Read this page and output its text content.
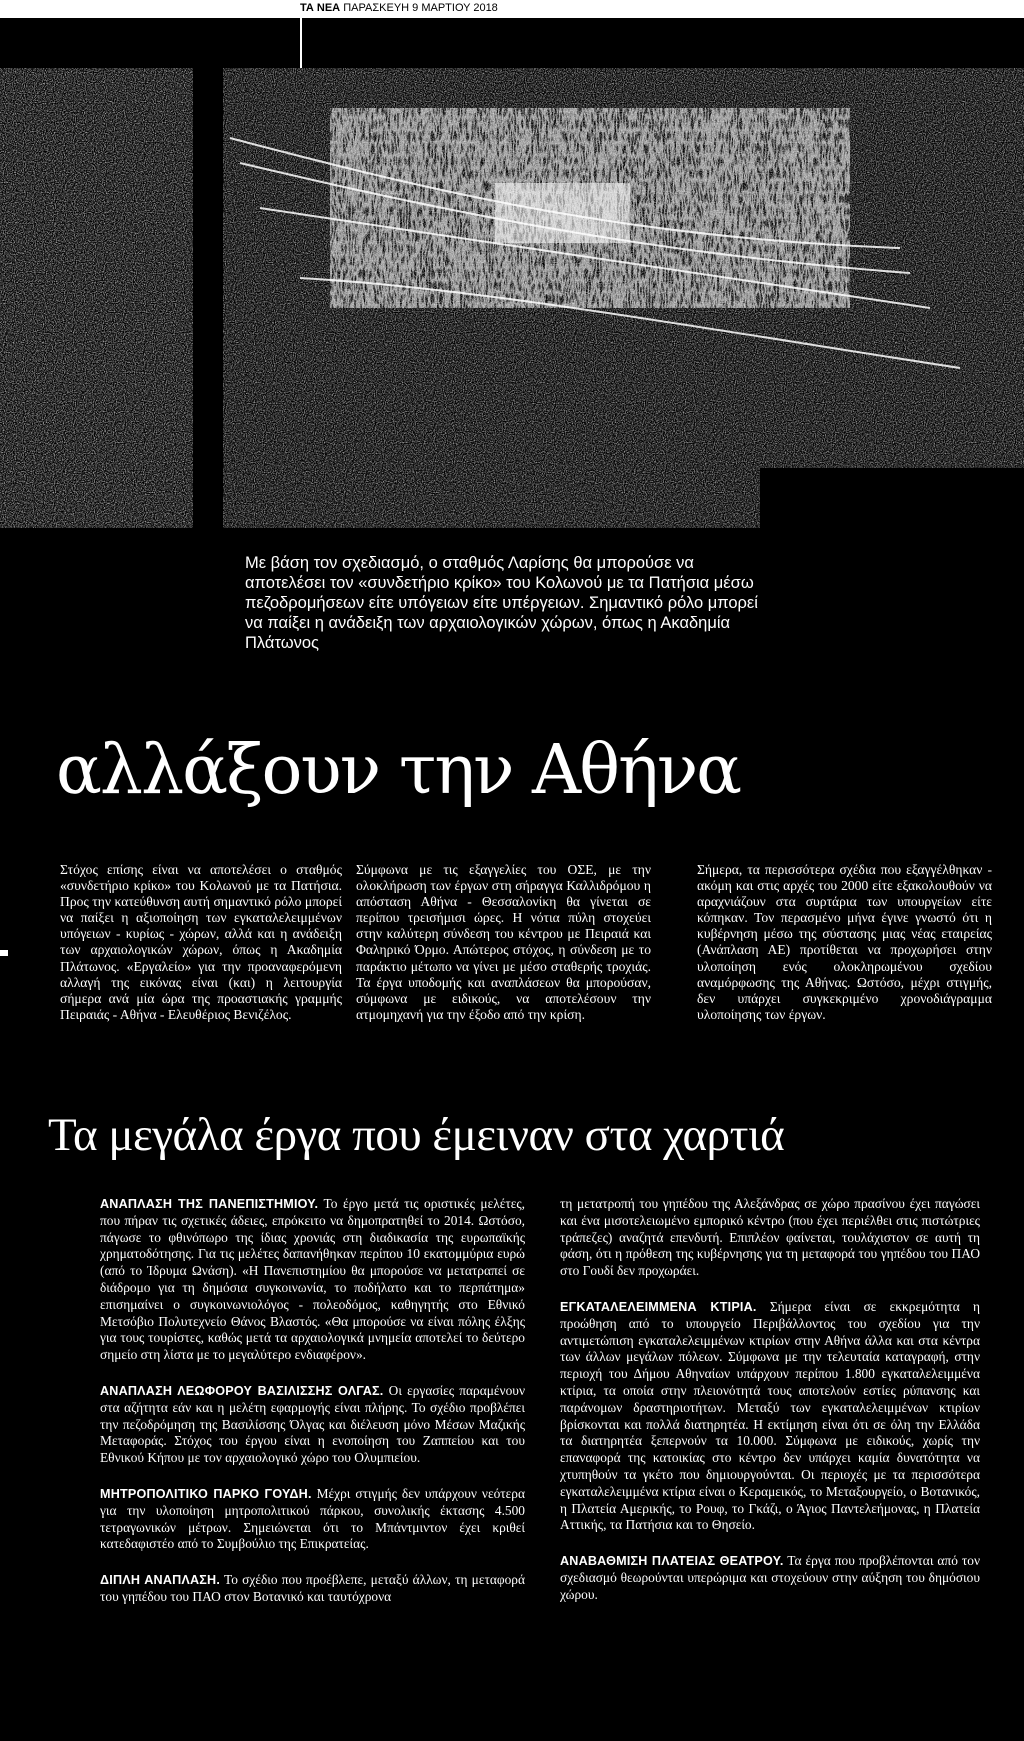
ΤΑ ΝΕΑ ΠΑΡΑΣΚΕΥΗ 9 ΜΑΡΤΙΟΥ 2018
Με βάση τον σχεδιασμό, ο σταθμός Λαρίσης θα μπορούσε να αποτελέσει τον «συνδετήριο κρίκο» του Κολωνού με τα Πατήσια μέσω πεζοδρομήσεων είτε υπόγειων είτε υπέργειων. Σημαντικό ρόλο μπορεί να παίξει η ανάδειξη των αρχαιολογικών χώρων, όπως η Ακαδημία Πλάτωνος
αλλάξουν την Αθήνα

Στόχος επίσης είναι να αποτελέσει ο σταθμός «συνδετήριο κρίκο» του Κολωνού με τα Πατήσια. Προς την κατεύθυνση αυτή σημαντικό ρόλο μπορεί να παίξει η αξιοποίηση των εγκαταλελειμμένων υπόγειων - κυρίως - χώρων, αλλά και η ανάδειξη των αρχαιολογικών χώρων, όπως η Ακαδημία Πλάτωνος. «Εργαλείο» για την προαναφερόμενη αλλαγή της εικόνας είναι (και) η λειτουργία σήμερα ανά μία ώρα της προαστιακής γραμμής Πειραιάς - Αθήνα - Ελευθέριος Βενιζέλος.

Σύμφωνα με τις εξαγγελίες του ΟΣΕ, με την ολοκλήρωση των έργων στη σήραγγα Καλλιδρόμου η απόσταση Αθήνα - Θεσσαλονίκη θα γίνεται σε περίπου τρεισήμισι ώρες. Η νότια πύλη στοχεύει στην καλύτερη σύνδεση του κέντρου με Πειραιά και Φαληρικό Όρμο. Απώτερος στόχος, η σύνδεση με το παράκτιο μέτωπο να γίνει με μέσο σταθερής τροχιάς. Τα έργα υποδομής και αναπλάσεων θα μπορούσαν, σύμφωνα με ειδικούς, να αποτελέσουν την ατμομηχανή για την έξοδο από την κρίση.

Σήμερα, τα περισσότερα σχέδια που εξαγγέλθηκαν - ακόμη και στις αρχές του 2000 είτε εξακολουθούν να αραχνιάζουν στα συρτάρια των υπουργείων είτε κόπηκαν. Τον περασμένο μήνα έγινε γνωστό ότι η κυβέρνηση μέσω της σύστασης μιας νέας εταιρείας (Ανάπλαση ΑΕ) προτίθεται να προχωρήσει στην υλοποίηση ενός ολοκληρωμένου σχεδίου αναμόρφωσης της Αθήνας. Ωστόσο, μέχρι στιγμής, δεν υπάρχει συγκεκριμένο χρονοδιάγραμμα υλοποίησης των έργων.

Τα μεγάλα έργα που έμειναν στα χαρτιά
ΑΝΑΠΛΑΣΗ ΤΗΣ ΠΑΝΕΠΙΣΤΗΜΙΟΥ. Το έργο μετά τις οριστικές μελέτες, που πήραν τις σχετικές άδειες, επρόκειτο να δημοπρατηθεί το 2014. Ωστόσο, πάγωσε το φθινόπωρο της ίδιας χρονιάς στη διαδικασία της ευρωπαϊκής χρηματοδότησης. Για τις μελέτες δαπανήθηκαν περίπου 10 εκατομμύρια ευρώ (από το Ίδρυμα Ωνάση). «Η Πανεπιστημίου θα μπορούσε να μετατραπεί σε διάδρομο για τη δημόσια συγκοινωνία, το ποδήλατο και το περπάτημα» επισημαίνει ο συγκοινωνιολόγος - πολεοδόμος, καθηγητής στο Εθνικό Μετσόβιο Πολυτεχνείο Θάνος Βλαστός. «Θα μπορούσε να είναι πόλης έλξης για τους τουρίστες, καθώς μετά τα αρχαιολογικά μνημεία αποτελεί το δεύτερο σημείο στη λίστα με το μεγαλύτερο ενδιαφέρον».
ΑΝΑΠΛΑΣΗ ΛΕΩΦΟΡΟΥ ΒΑΣΙΛΙΣΣΗΣ ΟΛΓΑΣ. Οι εργασίες παραμένουν στα αζήτητα εάν και η μελέτη εφαρμογής είναι πλήρης. Το σχέδιο προβλέπει την πεζοδρόμηση της Βασιλίσσης Όλγας και διέλευση μόνο Μέσων Μαζικής Μεταφοράς. Στόχος του έργου είναι η ενοποίηση του Ζαππείου και του Εθνικού Κήπου με τον αρχαιολογικό χώρο του Ολυμπιείου.
ΜΗΤΡΟΠΟΛΙΤΙΚΟ ΠΑΡΚΟ ΓΟΥΔΗ. Μέχρι στιγμής δεν υπάρχουν νεότερα για την υλοποίηση μητροπολιτικού πάρκου, συνολικής έκτασης 4.500 τετραγωνικών μέτρων. Σημειώνεται ότι το Μπάντμιντον έχει κριθεί κατεδαφιστέο από το Συμβούλιο της Επικρατείας.
ΔΙΠΛΗ ΑΝΑΠΛΑΣΗ. Το σχέδιο που προέβλεπε, μεταξύ άλλων, τη μεταφορά του γηπέδου του ΠΑΟ στον Βοτανικό και ταυτόχρονα
τη μετατροπή του γηπέδου της Αλεξάνδρας σε χώρο πρασίνου έχει παγώσει και ένα μισοτελειωμένο εμπορικό κέντρο (που έχει περιέλθει στις πιστώτριες τράπεζες) αναζητά επενδυτή. Επιπλέον φαίνεται, τουλάχιστον σε αυτή τη φάση, ότι η πρόθεση της κυβέρνησης για τη μεταφορά του γηπέδου του ΠΑΟ στο Γουδί δεν προχωράει.
ΕΓΚΑΤΑΛΕΛΕΙΜΜΕΝΑ ΚΤΙΡΙΑ. Σήμερα είναι σε εκκρεμότητα η προώθηση από το υπουργείο Περιβάλλοντος του σχεδίου για την αντιμετώπιση εγκαταλελειμμένων κτιρίων στην Αθήνα άλλα και στα κέντρα των άλλων μεγάλων πόλεων. Σύμφωνα με την τελευταία καταγραφή, στην περιοχή του Δήμου Αθηναίων υπάρχουν περίπου 1.800 εγκαταλελειμμένα κτίρια, τα οποία στην πλειονότητά τους αποτελούν εστίες ρύπανσης και παράνομων δραστηριοτήτων. Μεταξύ των εγκαταλελειμμένων κτιρίων βρίσκονται και πολλά διατηρητέα. Η εκτίμηση είναι ότι σε όλη την Ελλάδα τα διατηρητέα ξεπερνούν τα 10.000. Σύμφωνα με ειδικούς, χωρίς την επαναφορά της κατοικίας στο κέντρο δεν υπάρχει καμία δυνατότητα να χτυπηθούν τα γκέτο που δημιουργούνται. Οι περιοχές με τα περισσότερα εγκαταλελειμμένα κτίρια είναι ο Κεραμεικός, το Μεταξουργείο, ο Βοτανικός, η Πλατεία Αμερικής, το Ρουφ, το Γκάζι, ο Άγιος Παντελεήμονας, η Πλατεία Αττικής, τα Πατήσια και το Θησείο.
ΑΝΑΒΑΘΜΙΣΗ ΠΛΑΤΕΙΑΣ ΘΕΑΤΡΟΥ. Τα έργα που προβλέπονται από τον σχεδιασμό θεωρούνται υπερώριμα και στοχεύουν στην αύξηση του δημόσιου χώρου.
